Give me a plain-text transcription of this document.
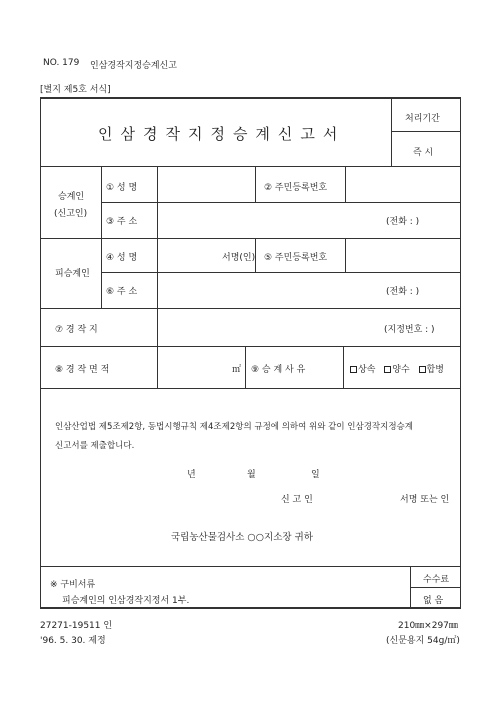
NO. 179 인삼경작지정승계신고
[별지 제5호 서식]
인삼경작지정승계신고서
처리기간
즉 시
승계인
(신고인)
① 성 명	② 주민등록번호
③ 주 소	(전화 : )
피승계인
④ 성 명	서명(인) ⑤ 주민등록번호
⑥ 주 소	(전화 : )
⑦ 경 작 지	(지정번호 : )
⑧ 경 작 면 적	㎡ ⑨ 승 계 사 유	상속 양수 합병
인삼산업법 제5조제2항, 동법시행규칙 제4조제2항의 규정에 의하여 위와 같이 인삼경작지정승계
신고서를 제출합니다.
년	월	일
신 고 인	서명 또는 인
국립농산물검사소 ○○지소장 귀하
※ 구비서류
피승계인의 인삼경작지정서 1부.
수수료
없 음
27271-19511 인	210㎜×297㎜
'96. 5. 30. 제정	(신문용지 54g/㎡)
